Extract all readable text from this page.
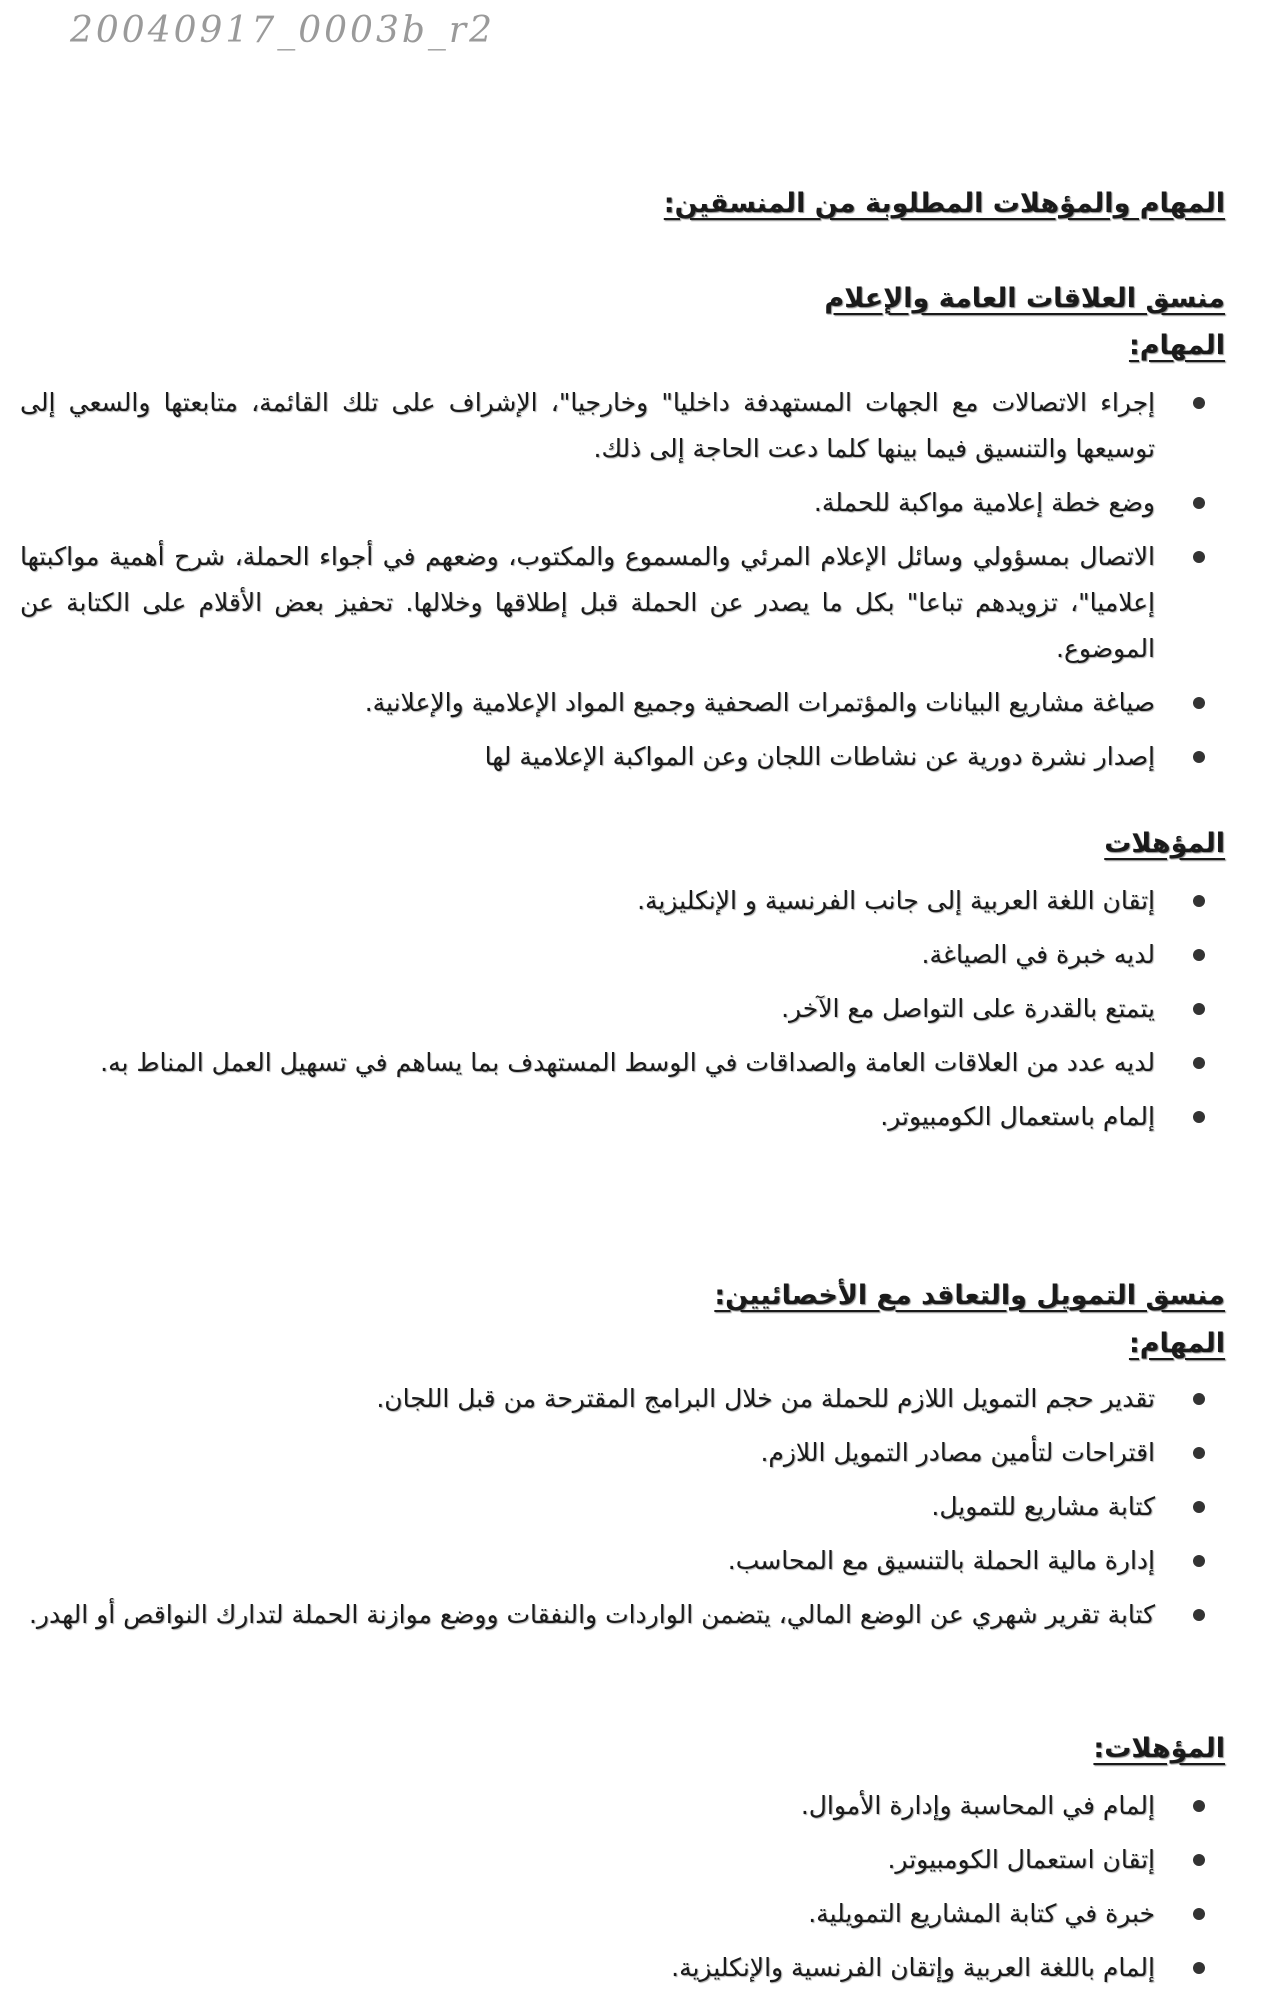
20040917_0003b_r2
المهام والمؤهلات المطلوبة من المنسقين:
منسق العلاقات العامة والإعلام
المهام:
إجراء الاتصالات مع الجهات المستهدفة داخليا" وخارجيا"، الإشراف على تلك القائمة، متابعتها والسعي إلى توسيعها والتنسيق فيما بينها كلما دعت الحاجة إلى ذلك.
وضع خطة إعلامية مواكبة للحملة.
الاتصال بمسؤولي وسائل الإعلام المرئي والمسموع والمكتوب، وضعهم في أجواء الحملة، شرح أهمية مواكبتها إعلاميا"، تزويدهم تباعا" بكل ما يصدر عن الحملة قبل إطلاقها وخلالها. تحفيز بعض الأقلام على الكتابة عن الموضوع.
صياغة مشاريع البيانات والمؤتمرات الصحفية وجميع المواد الإعلامية والإعلانية.
إصدار نشرة دورية عن نشاطات اللجان وعن المواكبة الإعلامية لها
المؤهلات
إتقان اللغة العربية إلى جانب الفرنسية و الإنكليزية.
لديه خبرة في الصياغة.
يتمتع بالقدرة على التواصل مع الآخر.
لديه عدد من العلاقات العامة والصداقات في الوسط المستهدف بما يساهم في تسهيل العمل المناط به.
إلمام باستعمال الكومبيوتر.
منسق التمويل والتعاقد مع الأخصائيين:
المهام:
تقدير حجم التمويل اللازم للحملة من خلال البرامج المقترحة من قبل اللجان.
اقتراحات لتأمين مصادر التمويل اللازم.
كتابة مشاريع للتمويل.
إدارة مالية الحملة بالتنسيق مع المحاسب.
كتابة تقرير شهري عن الوضع المالي، يتضمن الواردات والنفقات ووضع موازنة الحملة لتدارك النواقص أو الهدر.
المؤهلات:
إلمام في المحاسبة وإدارة الأموال.
إتقان استعمال الكومبيوتر.
خبرة في كتابة المشاريع التمويلية.
إلمام باللغة العربية وإتقان الفرنسية والإنكليزية.
